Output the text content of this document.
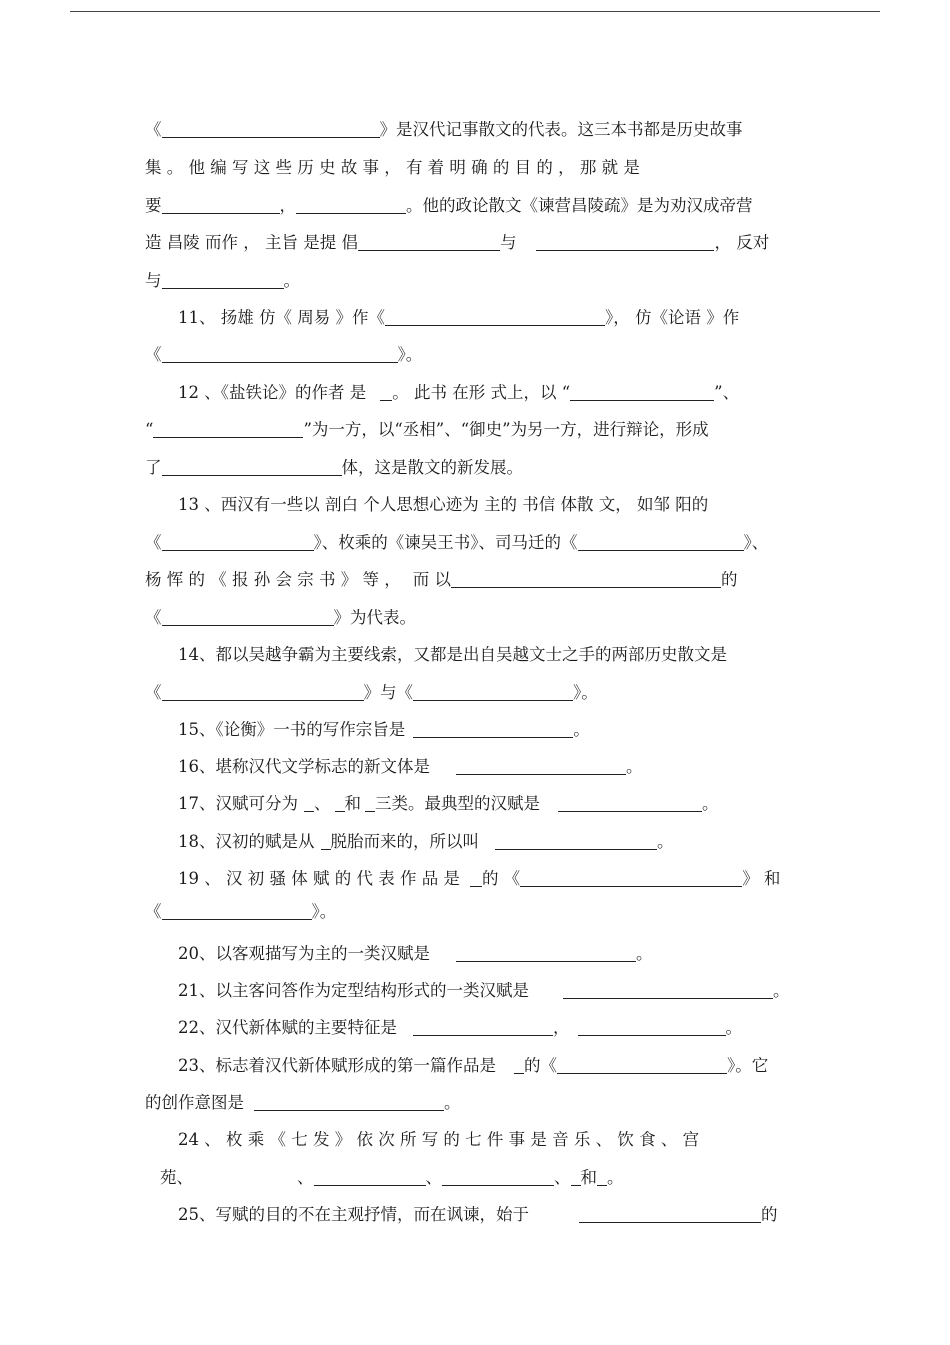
《	》是汉代记事散文的代表。这三本书都是历史故事
集 。 他 编 写 这 些 历 史 故 事 ， 有 着 明 确 的 目 的 ， 那 就 是
要	，	。他的政论散文《谏营昌陵疏》是为劝汉成帝营
造 昌陵 而作 ， 主旨 是提 倡	与	， 反对
与	。
11、 扬雄 仿《 周易 》作《	》， 仿《论语 》作
《	》。
12 、《盐铁论》的作者 是 。 此书 在形 式上，以 “	”、
“	”为一方，以“丞相”、“御史”为另一方，进行辩论，形成
了	体，这是散文的新发展。
13 、西汉有一些以 剖白 个人思想心迹为 主的 书信 体散 文， 如邹 阳的
《	》、枚乘的《谏吴王书》、司马迁的《	》、
杨 恽 的 《 报 孙 会 宗 书 》 等 ， 而 以	的
《	》为代表。
14、都以吴越争霸为主要线索，又都是出自吴越文士之手的两部历史散文是
《	》与《	》。
15、《论衡》一书的写作宗旨是	。
16、堪称汉代文学标志的新文体是	。
17、汉赋可分为 、 和 三类。最典型的汉赋是	。
18、汉初的赋是从 脱胎而来的，所以叫	。
19 、 汉 初 骚 体 赋 的 代 表 作 品 是 的 《	》 和
《	》。
20、以客观描写为主的一类汉赋是	。
21、以主客问答作为定型结构形式的一类汉赋是	。
22、汉代新体赋的主要特征是	，	。
23、标志着汉代新体赋形成的第一篇作品是 的《	》。它
的创作意图是	。
24 、 枚 乘 《 七 发 》 依 次 所 写 的 七 件 事 是 音 乐 、 饮 食 、 宫
苑、	、	、	、 和 。
25、写赋的目的不在主观抒情，而在讽谏，始于	的
